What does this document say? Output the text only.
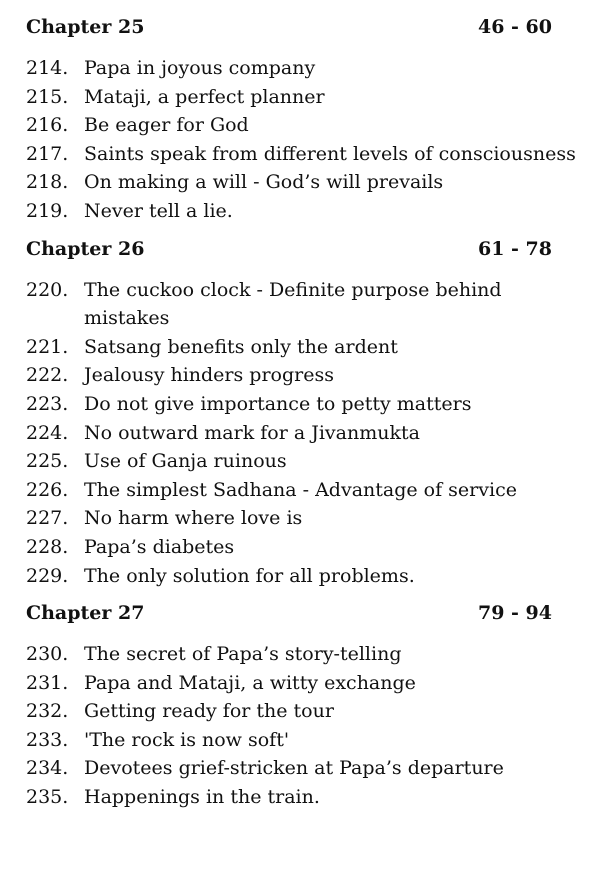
Chapter 25	46 - 60
214. Papa in joyous company
215. Mataji, a perfect planner
216. Be eager for God
217. Saints speak from different levels of consciousness
218. On making a will - God’s will prevails
219. Never tell a lie.
Chapter 26	61 - 78
220. The cuckoo clock - Definite purpose behind mistakes
221. Satsang benefits only the ardent
222. Jealousy hinders progress
223. Do not give importance to petty matters
224. No outward mark for a Jivanmukta
225. Use of Ganja ruinous
226. The simplest Sadhana - Advantage of service
227. No harm where love is
228. Papa’s diabetes
229. The only solution for all problems.
Chapter 27	79 - 94
230. The secret of Papa’s story-telling
231. Papa and Mataji, a witty exchange
232. Getting ready for the tour
233. 'The rock is now soft'
234. Devotees grief-stricken at Papa’s departure
235. Happenings in the train.
